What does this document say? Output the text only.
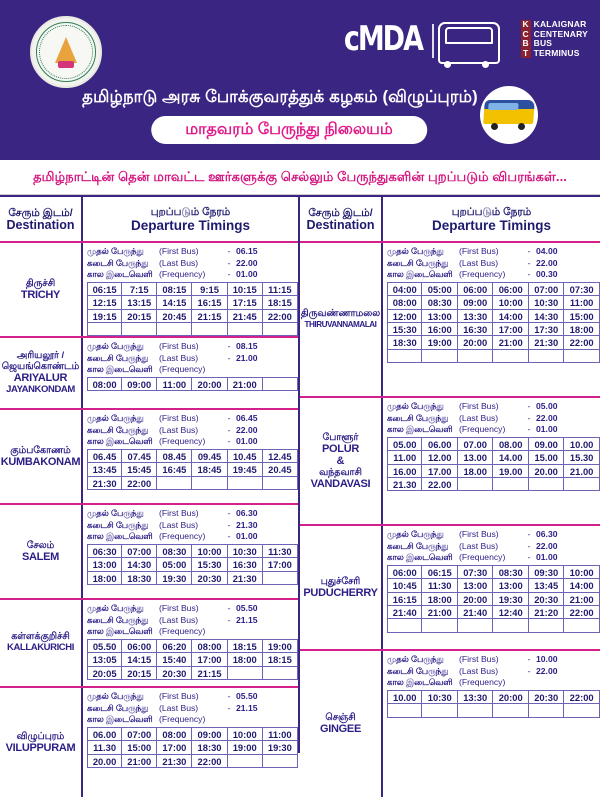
cMDA	K
C
B
T
KALAIGNAR
CENTENARY
BUS
TERMINUS
தமிழ்நாடு அரசு போக்குவரத்துக் கழகம் (விழுப்புரம்)
மாதவரம் பேருந்து நிலையம்
தமிழ்நாட்டின் தென் மாவட்ட ஊர்களுக்கு செல்லும் பேருந்துகளின் புறப்படும் விபரங்கள்...
சேரும் இடம்/
Destination
புறப்படும் நேரம்
Departure Timings
திருச்சி
TRICHY
முதல் பேருந்து	(First Bus)	- 06.15
கடைசி பேருந்து	(Last Bus)	- 22.00
கால இடைவெளி (Frequency)	- 01.00
06:15	7:15	08:15	9:15	10:15	11:15
12:15	13:15	14:15	16:15	17:15	18:15
19:15	20:15	20:45	21:15	21:45	22:00

அரியலூர் /
ஜெயங்கொண்டம்
ARIYALUR
JAYANKONDAM
முதல் பேருந்து	(First Bus)	- 08.15
கடைசி பேருந்து	(Last Bus)	- 21.00
கால இடைவெளி (Frequency)
08:00	09:00	11:00	20:00	21:00

கும்பகோணம்
KUMBAKONAM
முதல் பேருந்து	(First Bus)	- 06.45
கடைசி பேருந்து	(Last Bus)	- 22.00
கால இடைவெளி (Frequency)	- 01.00
06.45	07.45	08.45	09.45	10.45	12.45
13:45	15:45	16:45	18:45	19:45	20.45
21:30	22:00

சேலம்
SALEM
முதல் பேருந்து	(First Bus)	- 06.30
கடைசி பேருந்து	(Last Bus)	- 21.30
கால இடைவெளி (Frequency)	- 01.00
06:30	07:00	08:30	10:00	10:30	11:30
13:00	14:30	05:00	15:30	16:30	17:00
18:00	18:30	19:30	20:30	21:30

கள்ளக்குறிச்சி
KALLAKURICHI
முதல் பேருந்து	(First Bus)	- 05.50
கடைசி பேருந்து	(Last Bus)	- 21.15
கால இடைவெளி (Frequency)
05.50	06:00	06:20	08:00	18:15	19:00
13:05	14:15	15:40	17:00	18:00	18:15
20:05	20:15	20:30	21:15

விழுப்புரம்
VILUPPURAM
முதல் பேருந்து	(First Bus)	- 05.50
கடைசி பேருந்து	(Last Bus)	- 21.15
கால இடைவெளி (Frequency)
06.00	07:00	08:00	09:00	10:00	11:00
11.30	15:00	17:00	18:30	19:00	19:30
20.00	21:00	21:30	22:00

சேரும் இடம்/
Destination
புறப்படும் நேரம்
Departure Timings
திருவண்ணாமலை
THIRUVANNAMALAI
முதல் பேருந்து	(First Bus)	- 04.00
கடைசி பேருந்து	(Last Bus)	- 22.00
கால இடைவெளி (Frequency)	- 00.30
04:00	05:00	06:00	06:00	07:00	07:30
08:00	08:30	09:00	10:00	10:30	11:00
12:00	13:00	13:30	14:00	14:30	15:00
15:30	16:00	16:30	17:00	17:30	18:00
18:30	19:00	20:00	21:00	21:30	22:00

போளூர்
POLUR
&
வந்தவாசி
VANDAVASI
முதல் பேருந்து	(First Bus)	- 05.00
கடைசி பேருந்து	(Last Bus)	- 22.00
கால இடைவெளி (Frequency)	- 01.00
05.00	06.00	07.00	08.00	09.00	10.00
11.00	12.00	13.00	14.00	15.00	15.30
16.00	17.00	18.00	19.00	20.00	21.00
21.30	22.00

புதுச்சேரி
PUDUCHERRY
முதல் பேருந்து	(First Bus)	- 06.30
கடைசி பேருந்து	(Last Bus)	- 22.00
கால இடைவெளி (Frequency)	- 01.00
06:00	06:15	07:30	08:30	09:30	10:00
10:45	11:30	13:00	13:00	13:45	14:00
16:15	18:00	20:00	19:30	20:30	21:00
21:40	21:00	21:40	12:40	21:20	22:00

செஞ்சி
GINGEE
முதல் பேருந்து	(First Bus)	- 10.00
கடைசி பேருந்து	(Last Bus)	- 22.00
கால இடைவெளி (Frequency)
10.00	10:30	13:30	20:00	20:30	22:00
